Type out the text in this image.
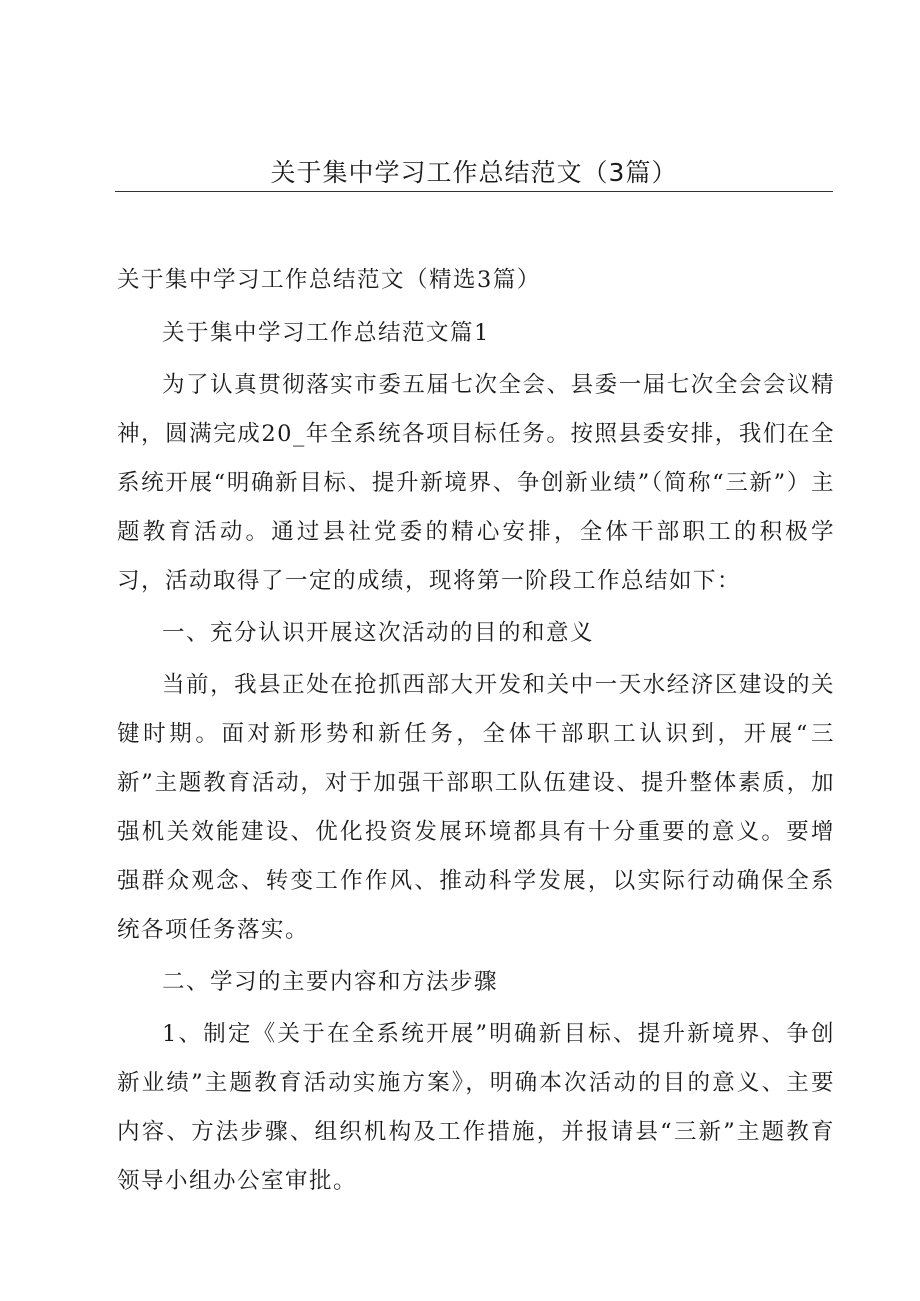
关于集中学习工作总结范文（3篇）

关于集中学习工作总结范文（精选3篇）

关于集中学习工作总结范文篇1

为了认真贯彻落实市委五届七次全会、县委一届七次全会会议精神，圆满完成20_年全系统各项目标任务。按照县委安排，我们在全系统开展“明确新目标、提升新境界、争创新业绩”（简称“三新”）主题教育活动。通过县社党委的精心安排，全体干部职工的积极学习，活动取得了一定的成绩，现将第一阶段工作总结如下：

一、充分认识开展这次活动的目的和意义

当前，我县正处在抢抓西部大开发和关中一天水经济区建设的关键时期。面对新形势和新任务，全体干部职工认识到，开展“三新”主题教育活动，对于加强干部职工队伍建设、提升整体素质，加强机关效能建设、优化投资发展环境都具有十分重要的意义。要增强群众观念、转变工作作风、推动科学发展，以实际行动确保全系统各项任务落实。

二、学习的主要内容和方法步骤

1、制定《关于在全系统开展”明确新目标、提升新境界、争创新业绩”主题教育活动实施方案》，明确本次活动的目的意义、主要内容、方法步骤、组织机构及工作措施，并报请县“三新”主题教育领导小组办公室审批。
